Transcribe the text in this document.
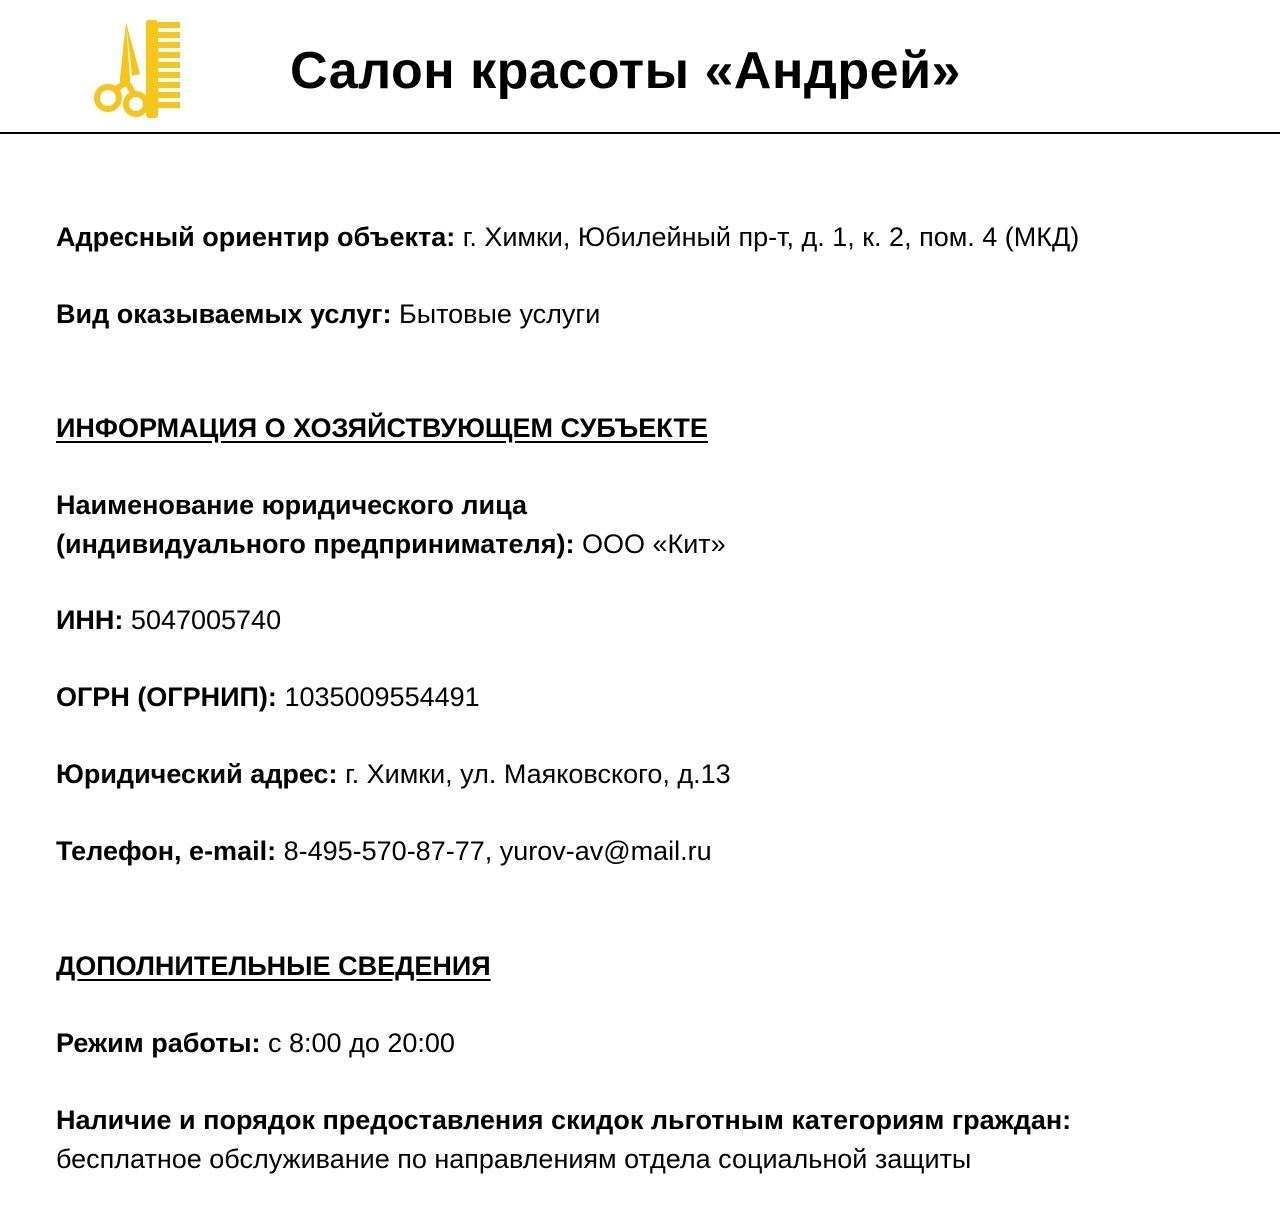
Салон красоты «Андрей»
Адресный ориентир объекта: г. Химки, Юбилейный пр-т, д. 1, к. 2, пом. 4 (МКД)
Вид оказываемых услуг: Бытовые услуги
ИНФОРМАЦИЯ О ХОЗЯЙСТВУЮЩЕМ СУБЪЕКТЕ
Наименование юридического лица
(индивидуального предпринимателя): ООО «Кит»
ИНН: 5047005740
ОГРН (ОГРНИП): 1035009554491
Юридический адрес: г. Химки, ул. Маяковского, д.13
Телефон, e-mail: 8-495-570-87-77, yurov-av@mail.ru
ДОПОЛНИТЕЛЬНЫЕ СВЕДЕНИЯ
Режим работы: с 8:00 до 20:00
Наличие и порядок предоставления скидок льготным категориям граждан:
бесплатное обслуживание по направлениям отдела социальной защиты
